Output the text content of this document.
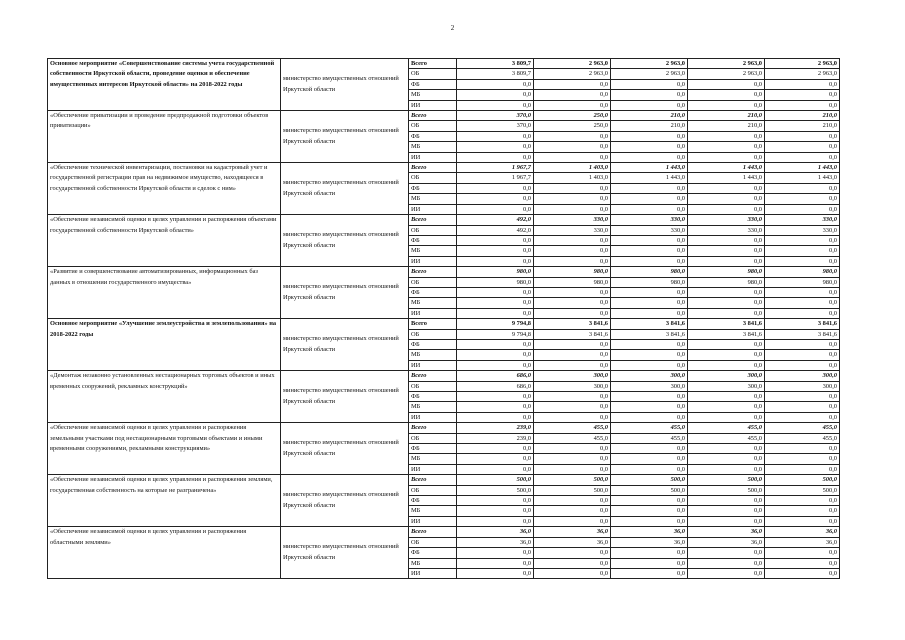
2
Основное мероприятие «Совершенствование системы учета государственной собственности Иркутской области, проведение оценки и обеспечение имущественных интересов Иркутской области» на 2018-2022 годы	министерство имущественных отношений Иркутской области	Всего	3 809,7	2 963,0	2 963,0	2 963,0	2 963,0
		ОБ	3 809,7	2 963,0	2 963,0	2 963,0	2 963,0
		ФБ	0,0	0,0	0,0	0,0	0,0
		МБ	0,0	0,0	0,0	0,0	0,0
		ИИ	0,0	0,0	0,0	0,0	0,0
«Обеспечение приватизации и проведение предпродажной подготовки объектов приватизации»	министерство имущественных отношений Иркутской области	Всего	370,0	250,0	210,0	210,0	210,0
		ОБ	370,0	250,0	210,0	210,0	210,0
		ФБ	0,0	0,0	0,0	0,0	0,0
		МБ	0,0	0,0	0,0	0,0	0,0
		ИИ	0,0	0,0	0,0	0,0	0,0
«Обеспечение технической инвентаризации, постановки на кадастровый учет и государственной регистрации прав на недвижимое имущество, находящееся в государственной собственности Иркутской области и сделок с ним»	министерство имущественных отношений Иркутской области	Всего	1 967,7	1 403,0	1 443,0	1 443,0	1 443,0
		ОБ	1 967,7	1 403,0	1 443,0	1 443,0	1 443,0
		ФБ	0,0	0,0	0,0	0,0	0,0
		МБ	0,0	0,0	0,0	0,0	0,0
		ИИ	0,0	0,0	0,0	0,0	0,0
«Обеспечение независимой оценки в целях управления и распоряжения объектами государственной собственности Иркутской области»	министерство имущественных отношений Иркутской области	Всего	492,0	330,0	330,0	330,0	330,0
		ОБ	492,0	330,0	330,0	330,0	330,0
		ФБ	0,0	0,0	0,0	0,0	0,0
		МБ	0,0	0,0	0,0	0,0	0,0
		ИИ	0,0	0,0	0,0	0,0	0,0
«Развитие и совершенствование автоматизированных, информационных баз данных в отношении государственного имущества»	министерство имущественных отношений Иркутской области	Всего	980,0	980,0	980,0	980,0	980,0
		ОБ	980,0	980,0	980,0	980,0	980,0
		ФБ	0,0	0,0	0,0	0,0	0,0
		МБ	0,0	0,0	0,0	0,0	0,0
		ИИ	0,0	0,0	0,0	0,0	0,0
Основное мероприятие «Улучшение землеустройства и землепользования» на 2018-2022 годы	министерство имущественных отношений Иркутской области	Всего	9 794,8	3 841,6	3 841,6	3 841,6	3 841,6
		ОБ	9 794,8	3 841,6	3 841,6	3 841,6	3 841,6
		ФБ	0,0	0,0	0,0	0,0	0,0
		МБ	0,0	0,0	0,0	0,0	0,0
		ИИ	0,0	0,0	0,0	0,0	0,0
«Демонтаж незаконно установленных нестационарных торговых объектов и иных временных сооружений, рекламных конструкций»	министерство имущественных отношений Иркутской области	Всего	686,0	300,0	300,0	300,0	300,0
		ОБ	686,0	300,0	300,0	300,0	300,0
		ФБ	0,0	0,0	0,0	0,0	0,0
		МБ	0,0	0,0	0,0	0,0	0,0
		ИИ	0,0	0,0	0,0	0,0	0,0
«Обеспечение независимой оценки в целях управления и распоряжения земельными участками под нестационарными торговыми объектами и иными временными сооружениями, рекламными конструкциями»	министерство имущественных отношений Иркутской области	Всего	239,0	455,0	455,0	455,0	455,0
		ОБ	239,0	455,0	455,0	455,0	455,0
		ФБ	0,0	0,0	0,0	0,0	0,0
		МБ	0,0	0,0	0,0	0,0	0,0
		ИИ	0,0	0,0	0,0	0,0	0,0
«Обеспечение независимой оценки в целях управления и распоряжения землями, государственная собственность на которые не разграничена»	министерство имущественных отношений Иркутской области	Всего	500,0	500,0	500,0	500,0	500,0
		ОБ	500,0	500,0	500,0	500,0	500,0
		ФБ	0,0	0,0	0,0	0,0	0,0
		МБ	0,0	0,0	0,0	0,0	0,0
		ИИ	0,0	0,0	0,0	0,0	0,0
«Обеспечение независимой оценки в целях управления и распоряжения областными землями»	министерство имущественных отношений Иркутской области	Всего	36,0	36,0	36,0	36,0	36,0
		ОБ	36,0	36,0	36,0	36,0	36,0
		ФБ	0,0	0,0	0,0	0,0	0,0
		МБ	0,0	0,0	0,0	0,0	0,0
		ИИ	0,0	0,0	0,0	0,0	0,0
